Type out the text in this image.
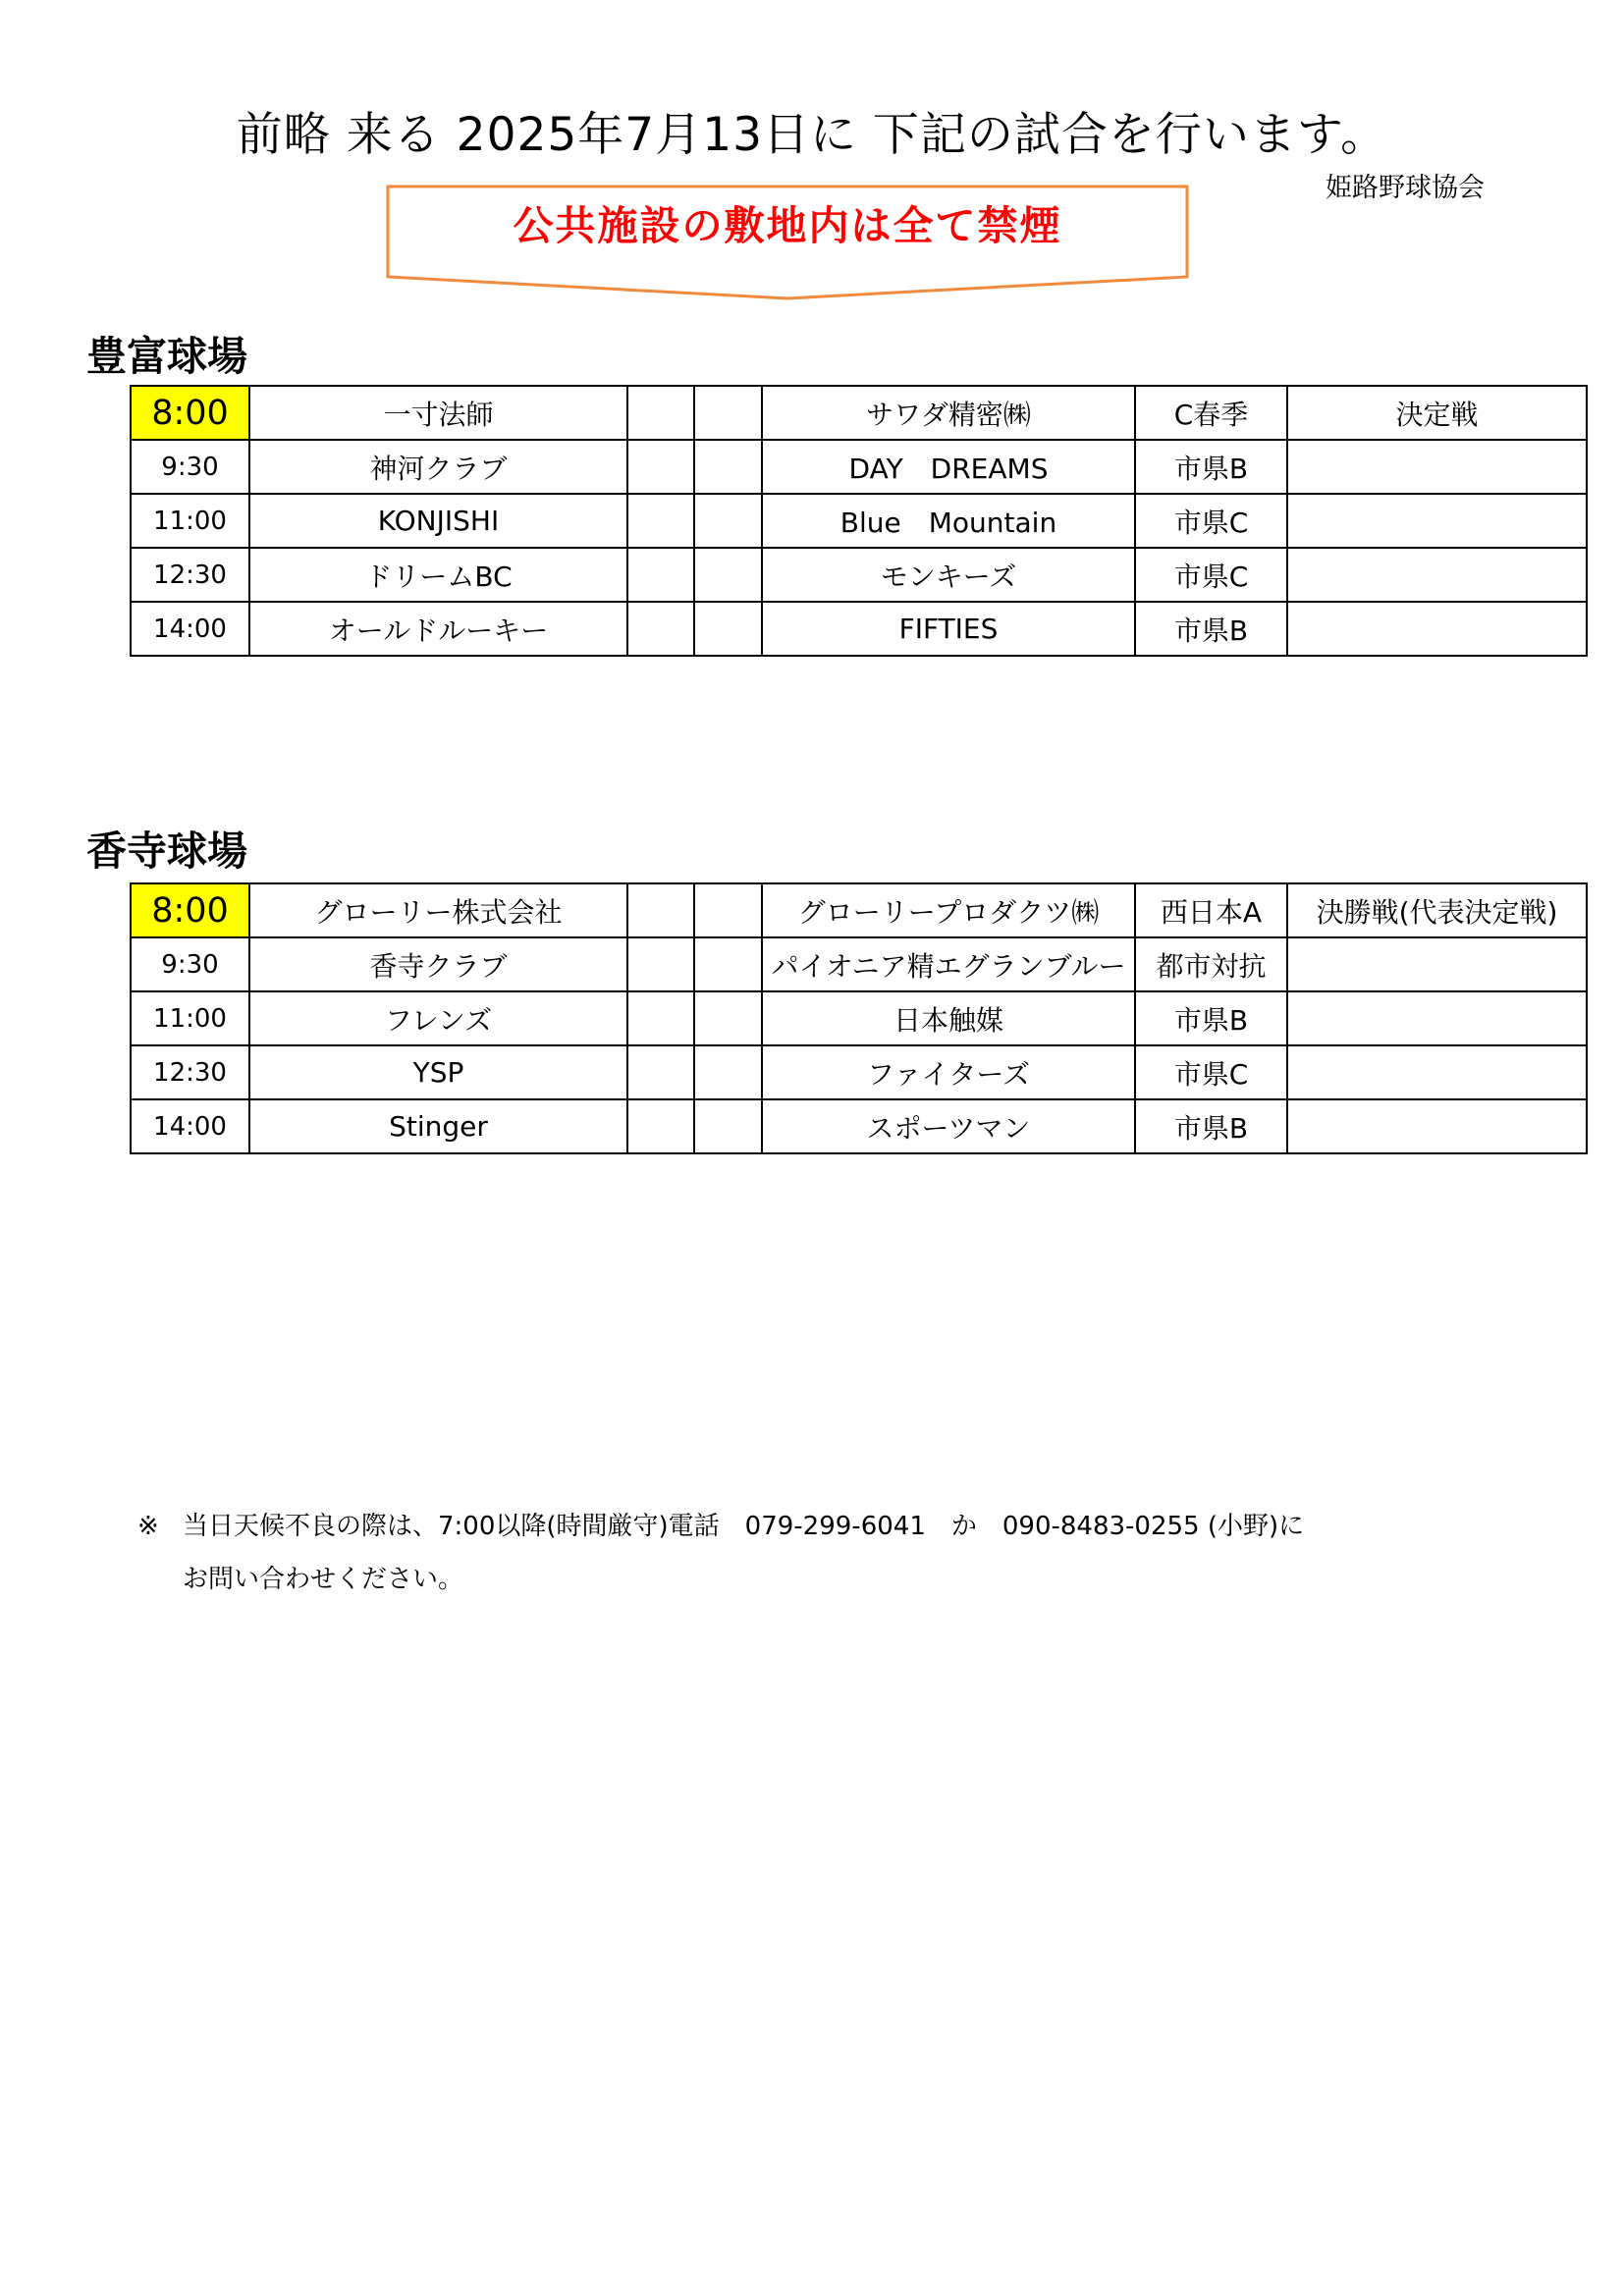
前略 来る 2025年7月13日に 下記の試合を行います。
姫路野球協会
公共施設の敷地内は全て禁煙
豊富球場
8:00	一寸法師			サワダ精密㈱	C春季	決定戦
9:30	神河クラブ			DAY　DREAMS	市県B	
11:00	KONJISHI			Blue　Mountain	市県C	
12:30	ドリームBC			モンキーズ	市県C	
14:00	オールドルーキー			FIFTIES	市県B	
香寺球場
8:00	グローリー株式会社			グローリープロダクツ㈱	西日本A	決勝戦(代表決定戦)
9:30	香寺クラブ			パイオニア精エグランブルー	都市対抗	
11:00	フレンズ			日本触媒	市県B	
12:30	YSP			ファイターズ	市県C	
14:00	Stinger			スポーツマン	市県B	
※ 当日天候不良の際は、7:00以降(時間厳守)電話　079-299-6041　か　090-8483-0255 (小野)に
お問い合わせください。
